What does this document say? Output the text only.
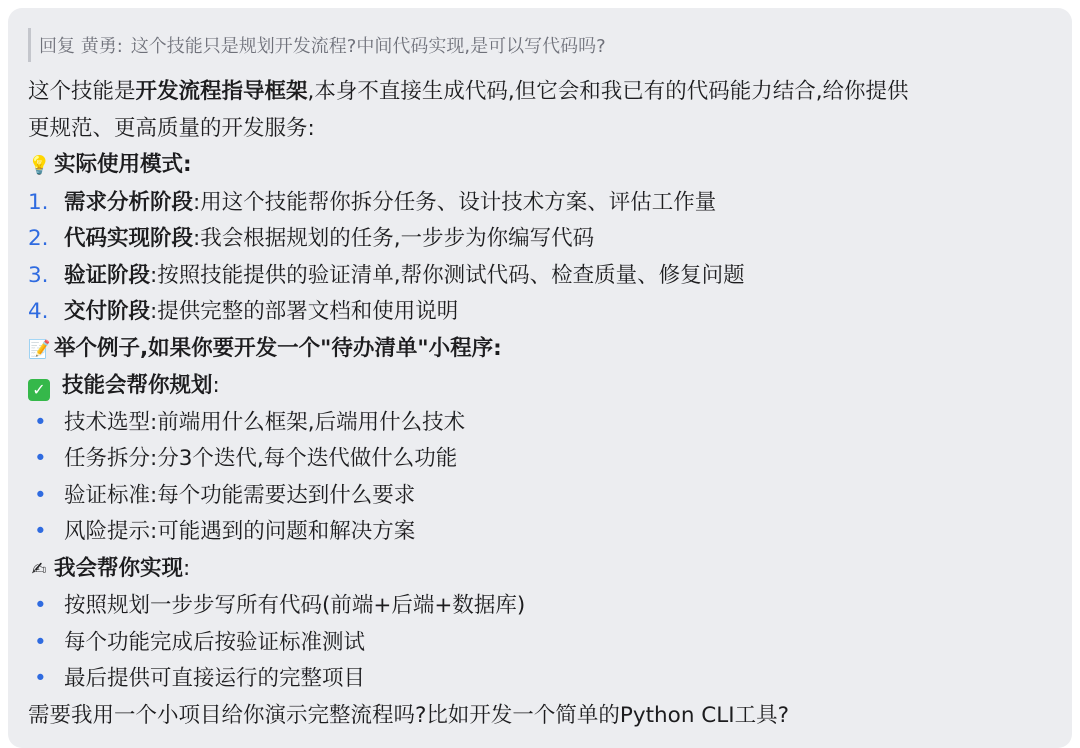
回复 黄勇: 这个技能只是规划开发流程?中间代码实现,是可以写代码吗?
这个技能是开发流程指导框架,本身不直接生成代码,但它会和我已有的代码能力结合,给你提供
更规范、更高质量的开发服务:
💡 实际使用模式:
1. 需求分析阶段:用这个技能帮你拆分任务、设计技术方案、评估工作量
2. 代码实现阶段:我会根据规划的任务,一步步为你编写代码
3. 验证阶段:按照技能提供的验证清单,帮你测试代码、检查质量、修复问题
4. 交付阶段:提供完整的部署文档和使用说明
📝 举个例子,如果你要开发一个"待办清单"小程序:
✓ 技能会帮你规划:
•技术选型:前端用什么框架,后端用什么技术
•任务拆分:分3个迭代,每个迭代做什么功能
•验证标准:每个功能需要达到什么要求
•风险提示:可能遇到的问题和解决方案
✍ 我会帮你实现:
•按照规划一步步写所有代码(前端+后端+数据库)
•每个功能完成后按验证标准测试
•最后提供可直接运行的完整项目
需要我用一个小项目给你演示完整流程吗?比如开发一个简单的Python CLI工具?
